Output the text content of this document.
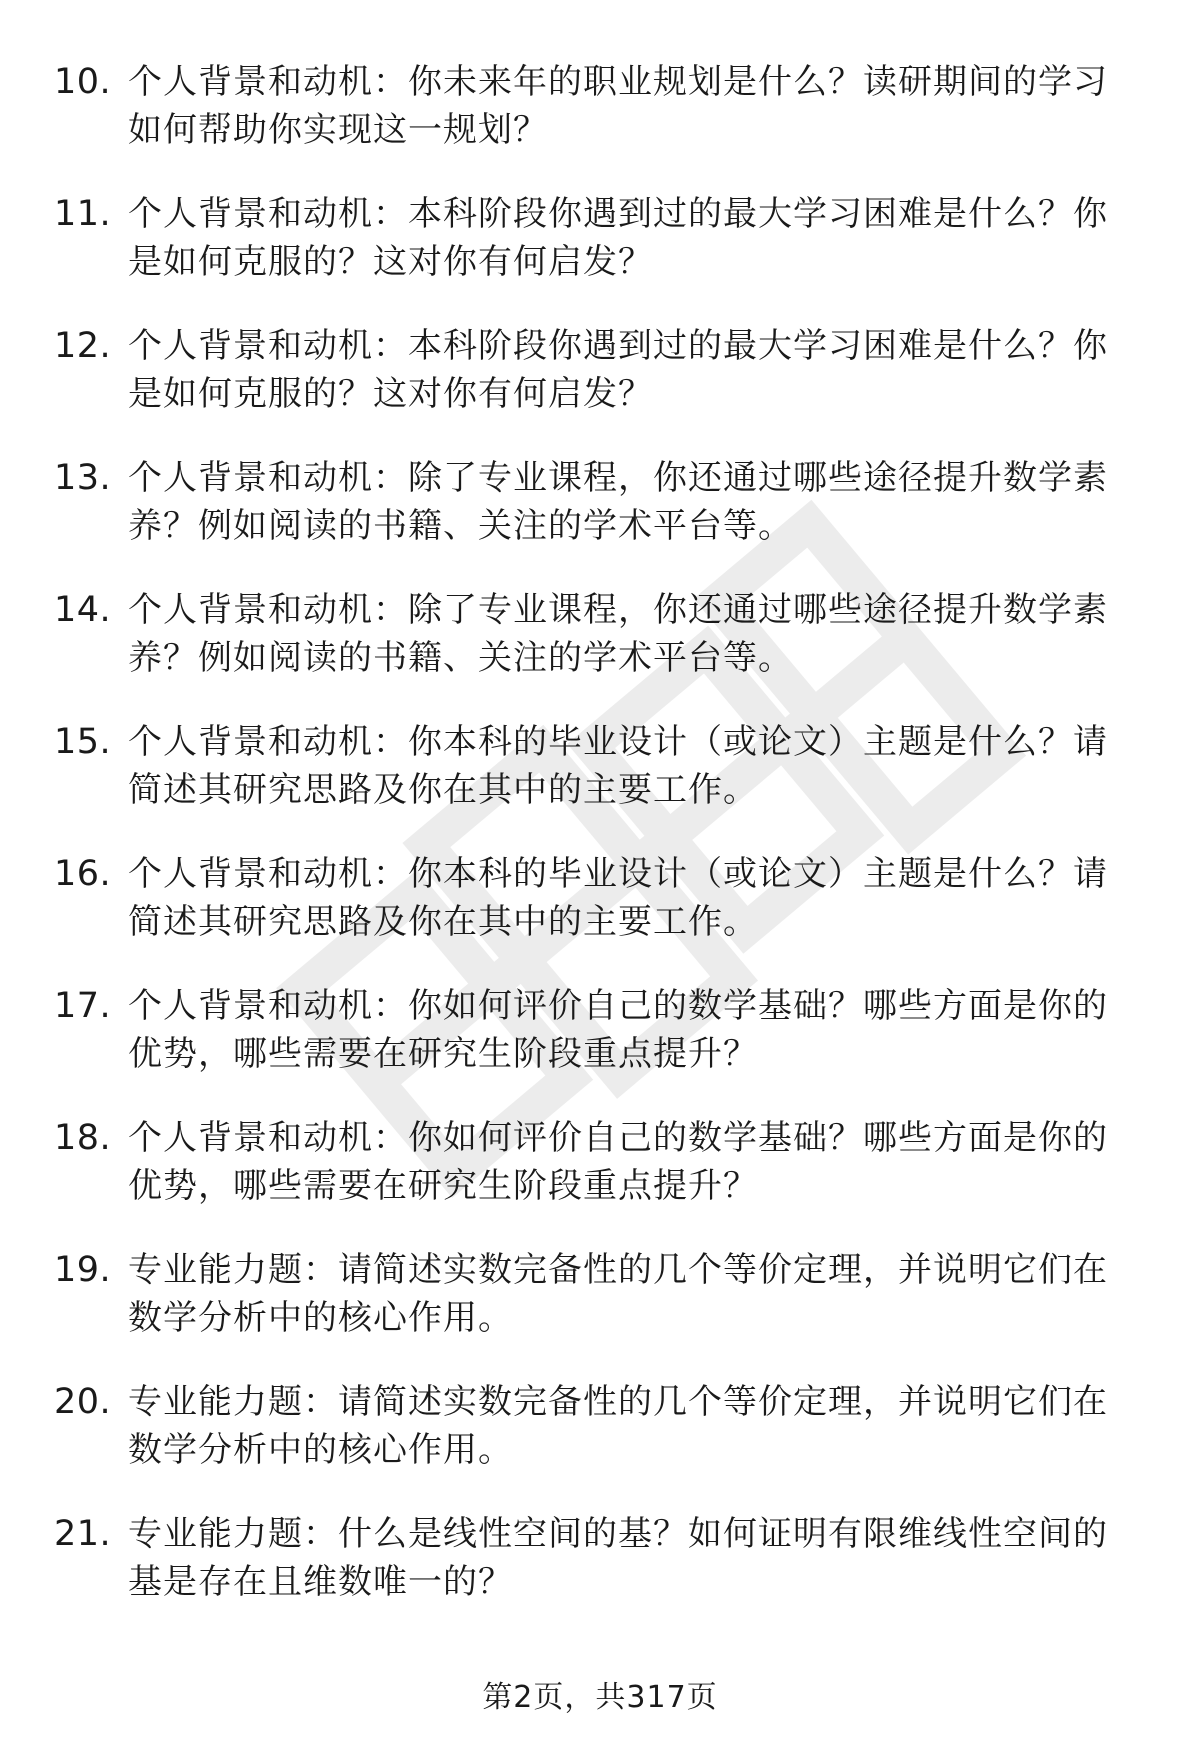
10. 个人背景和动机：你未来年的职业规划是什么？读研期间的学习如何帮助你实现这一规划？
11. 个人背景和动机：本科阶段你遇到过的最大学习困难是什么？你是如何克服的？这对你有何启发？
12. 个人背景和动机：本科阶段你遇到过的最大学习困难是什么？你是如何克服的？这对你有何启发？
13. 个人背景和动机：除了专业课程，你还通过哪些途径提升数学素养？例如阅读的书籍、关注的学术平台等。
14. 个人背景和动机：除了专业课程，你还通过哪些途径提升数学素养？例如阅读的书籍、关注的学术平台等。
15. 个人背景和动机：你本科的毕业设计（或论文）主题是什么？请简述其研究思路及你在其中的主要工作。
16. 个人背景和动机：你本科的毕业设计（或论文）主题是什么？请简述其研究思路及你在其中的主要工作。
17. 个人背景和动机：你如何评价自己的数学基础？哪些方面是你的优势，哪些需要在研究生阶段重点提升？
18. 个人背景和动机：你如何评价自己的数学基础？哪些方面是你的优势，哪些需要在研究生阶段重点提升？
19. 专业能力题：请简述实数完备性的几个等价定理，并说明它们在数学分析中的核心作用。
20. 专业能力题：请简述实数完备性的几个等价定理，并说明它们在数学分析中的核心作用。
21. 专业能力题：什么是线性空间的基？如何证明有限维线性空间的基是存在且维数唯一的？
第2页，共317页
